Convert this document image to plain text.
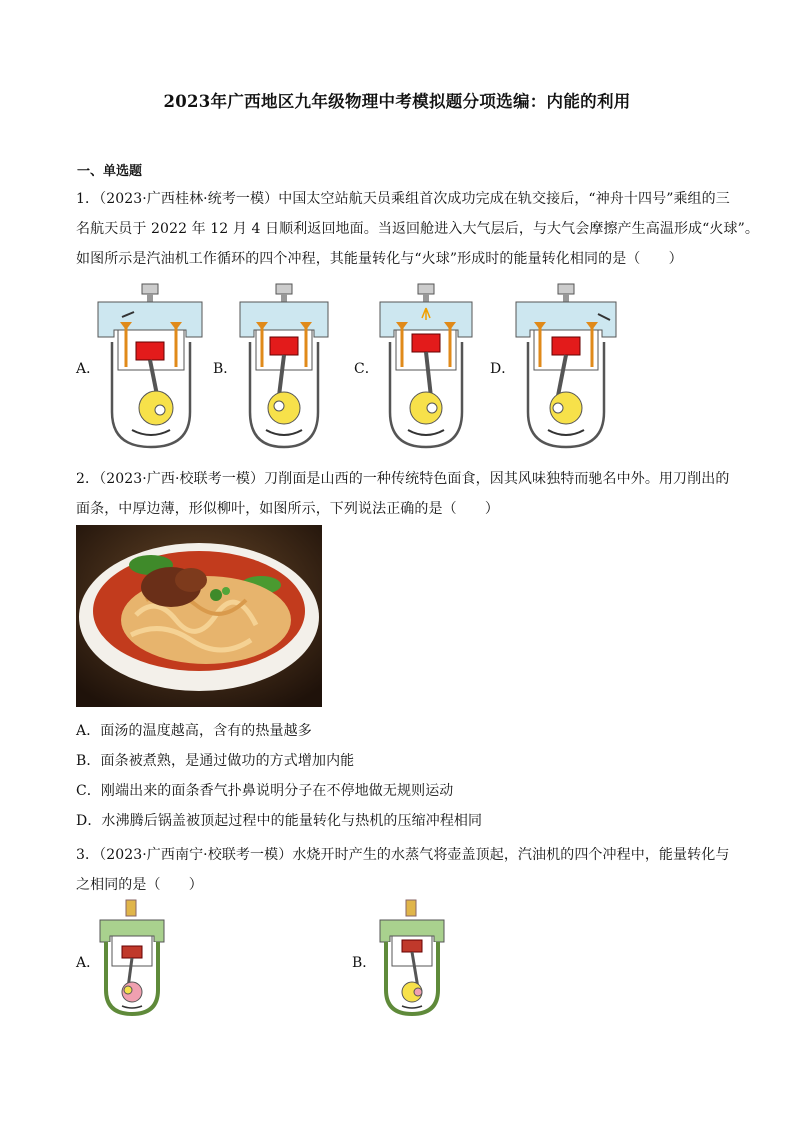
2023年广西地区九年级物理中考模拟题分项选编：内能的利用
一、单选题
1．（2023·广西桂林·统考一模）中国太空站航天员乘组首次成功完成在轨交接后，“神舟十四号”乘组的三
名航天员于 2022 年 12 月 4 日顺利返回地面。当返回舱进入大气层后，与大气会摩擦产生高温形成“火球”。
如图所示是汽油机工作循环的四个冲程，其能量转化与“火球”形成时的能量转化相同的是（　　）
A．	B．	C．	D．
2．（2023·广西·校联考一模）刀削面是山西的一种传统特色面食，因其风味独特而驰名中外。用刀削出的
面条，中厚边薄，形似柳叶，如图所示，下列说法正确的是（　　）
A．面汤的温度越高，含有的热量越多
B．面条被煮熟，是通过做功的方式增加内能
C．刚端出来的面条香气扑鼻说明分子在不停地做无规则运动
D．水沸腾后锅盖被顶起过程中的能量转化与热机的压缩冲程相同
3．（2023·广西南宁·校联考一模）水烧开时产生的水蒸气将壶盖顶起，汽油机的四个冲程中，能量转化与
之相同的是（　　）
A．	B．
